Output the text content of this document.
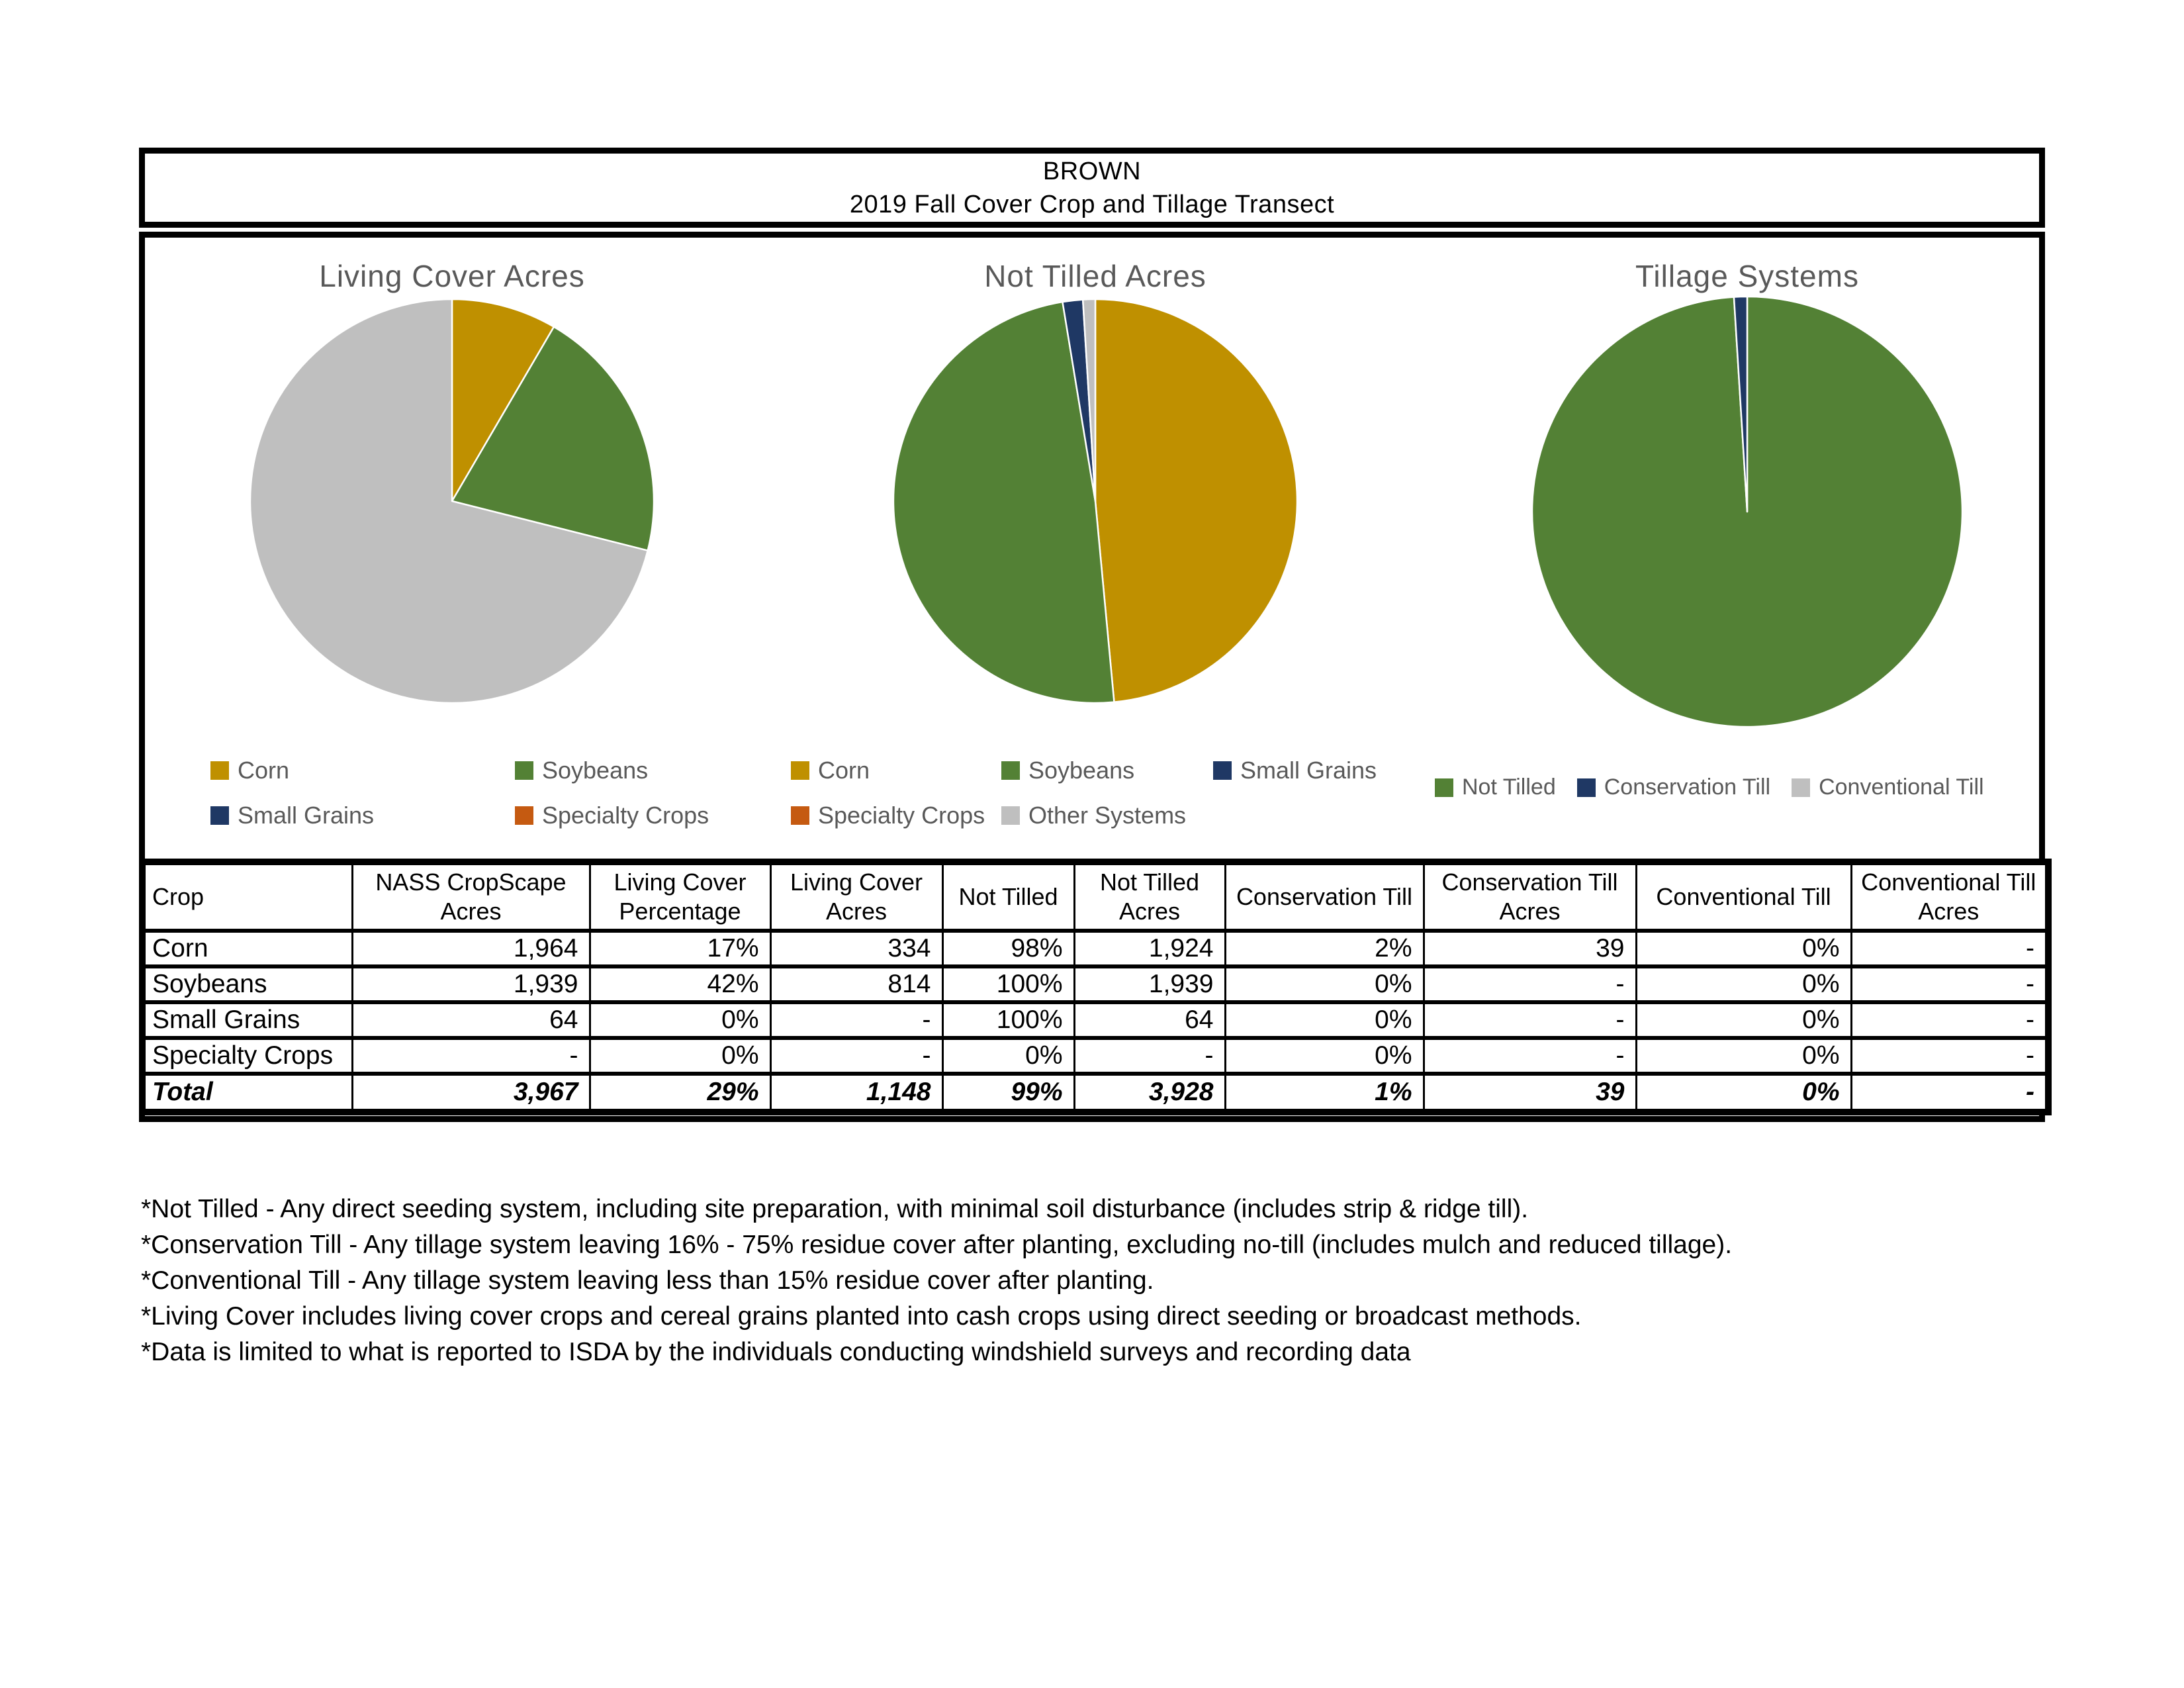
BROWN
2019 Fall Cover Crop and Tillage Transect
Living Cover Acres	Not Tilled Acres	Tillage Systems
Corn	Soybeans
Small Grains	Specialty Crops
Corn	Soybeans	Small Grains
Specialty Crops Other Systems
Not Tilled Conservation Till Conventional Till
Crop	NASS CropScape Acres	Living Cover Percentage	Living Cover Acres	Not Tilled	Not Tilled Acres	Conservation Till	Conservation Till Acres	Conventional Till	Conventional Till Acres
Corn	1,964	17%	334	98%	1,924	2%	39	0%	-
Soybeans	1,939	42%	814	100%	1,939	0%	-	0%	-
Small Grains	64	0%	-	100%	64	0%	-	0%	-
Specialty Crops	-	0%	-	0%	-	0%	-	0%	-
Total	3,967	29%	1,148	99%	3,928	1%	39	0%	-
*Not Tilled - Any direct seeding system, including site preparation, with minimal soil disturbance (includes strip & ridge till).
*Conservation Till - Any tillage system leaving 16% - 75% residue cover after planting, excluding no-till (includes mulch and reduced tillage).
*Conventional Till - Any tillage system leaving less than 15% residue cover after planting.
*Living Cover includes living cover crops and cereal grains planted into cash crops using direct seeding or broadcast methods.
*Data is limited to what is reported to ISDA by the individuals conducting windshield surveys and recording data
